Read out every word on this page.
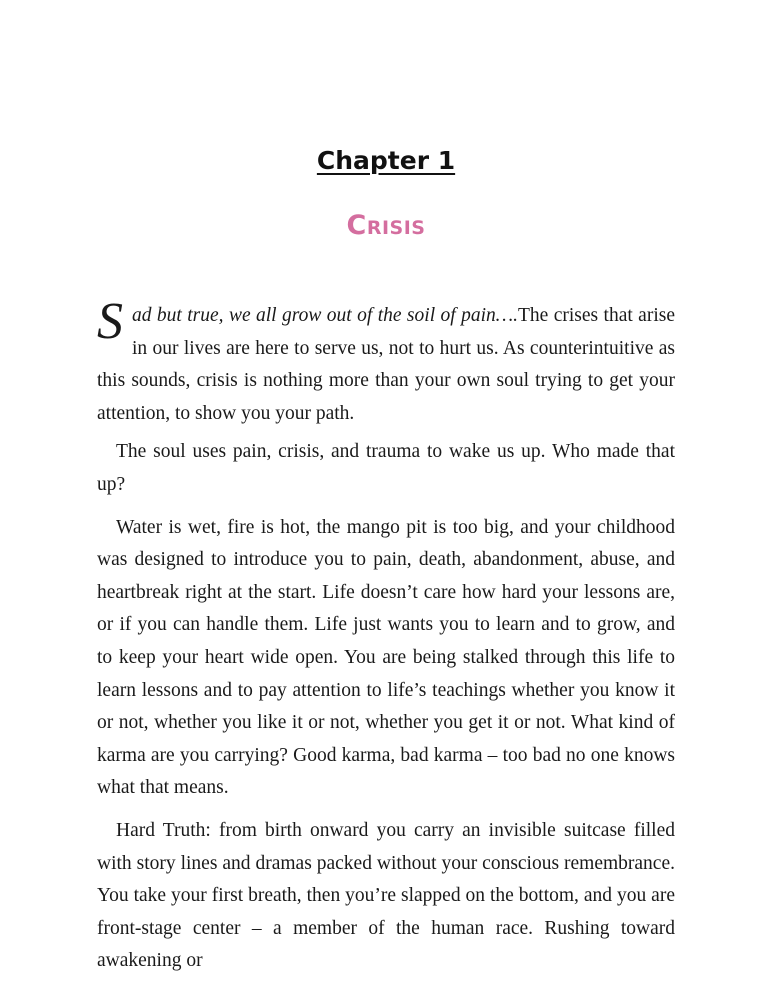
Chapter 1
Crisis

Sad but true, we all grow out of the soil of pain….The crises that arise in our lives are here to serve us, not to hurt us. As counterintuitive as this sounds, crisis is nothing more than your own soul trying to get your attention, to show you your path.

The soul uses pain, crisis, and trauma to wake us up. Who made that up?

Water is wet, fire is hot, the mango pit is too big, and your childhood was designed to introduce you to pain, death, abandonment, abuse, and heartbreak right at the start. Life doesn’t care how hard your lessons are, or if you can handle them. Life just wants you to learn and to grow, and to keep your heart wide open. You are being stalked through this life to learn lessons and to pay attention to life’s teachings whether you know it or not, whether you like it or not, whether you get it or not. What kind of karma are you carrying? Good karma, bad karma – too bad no one knows what that means.

Hard Truth: from birth onward you carry an invisible suitcase filled with story lines and dramas packed without your conscious remembrance. You take your first breath, then you’re slapped on the bottom, and you are front-stage center – a member of the human race. Rushing toward awakening or
